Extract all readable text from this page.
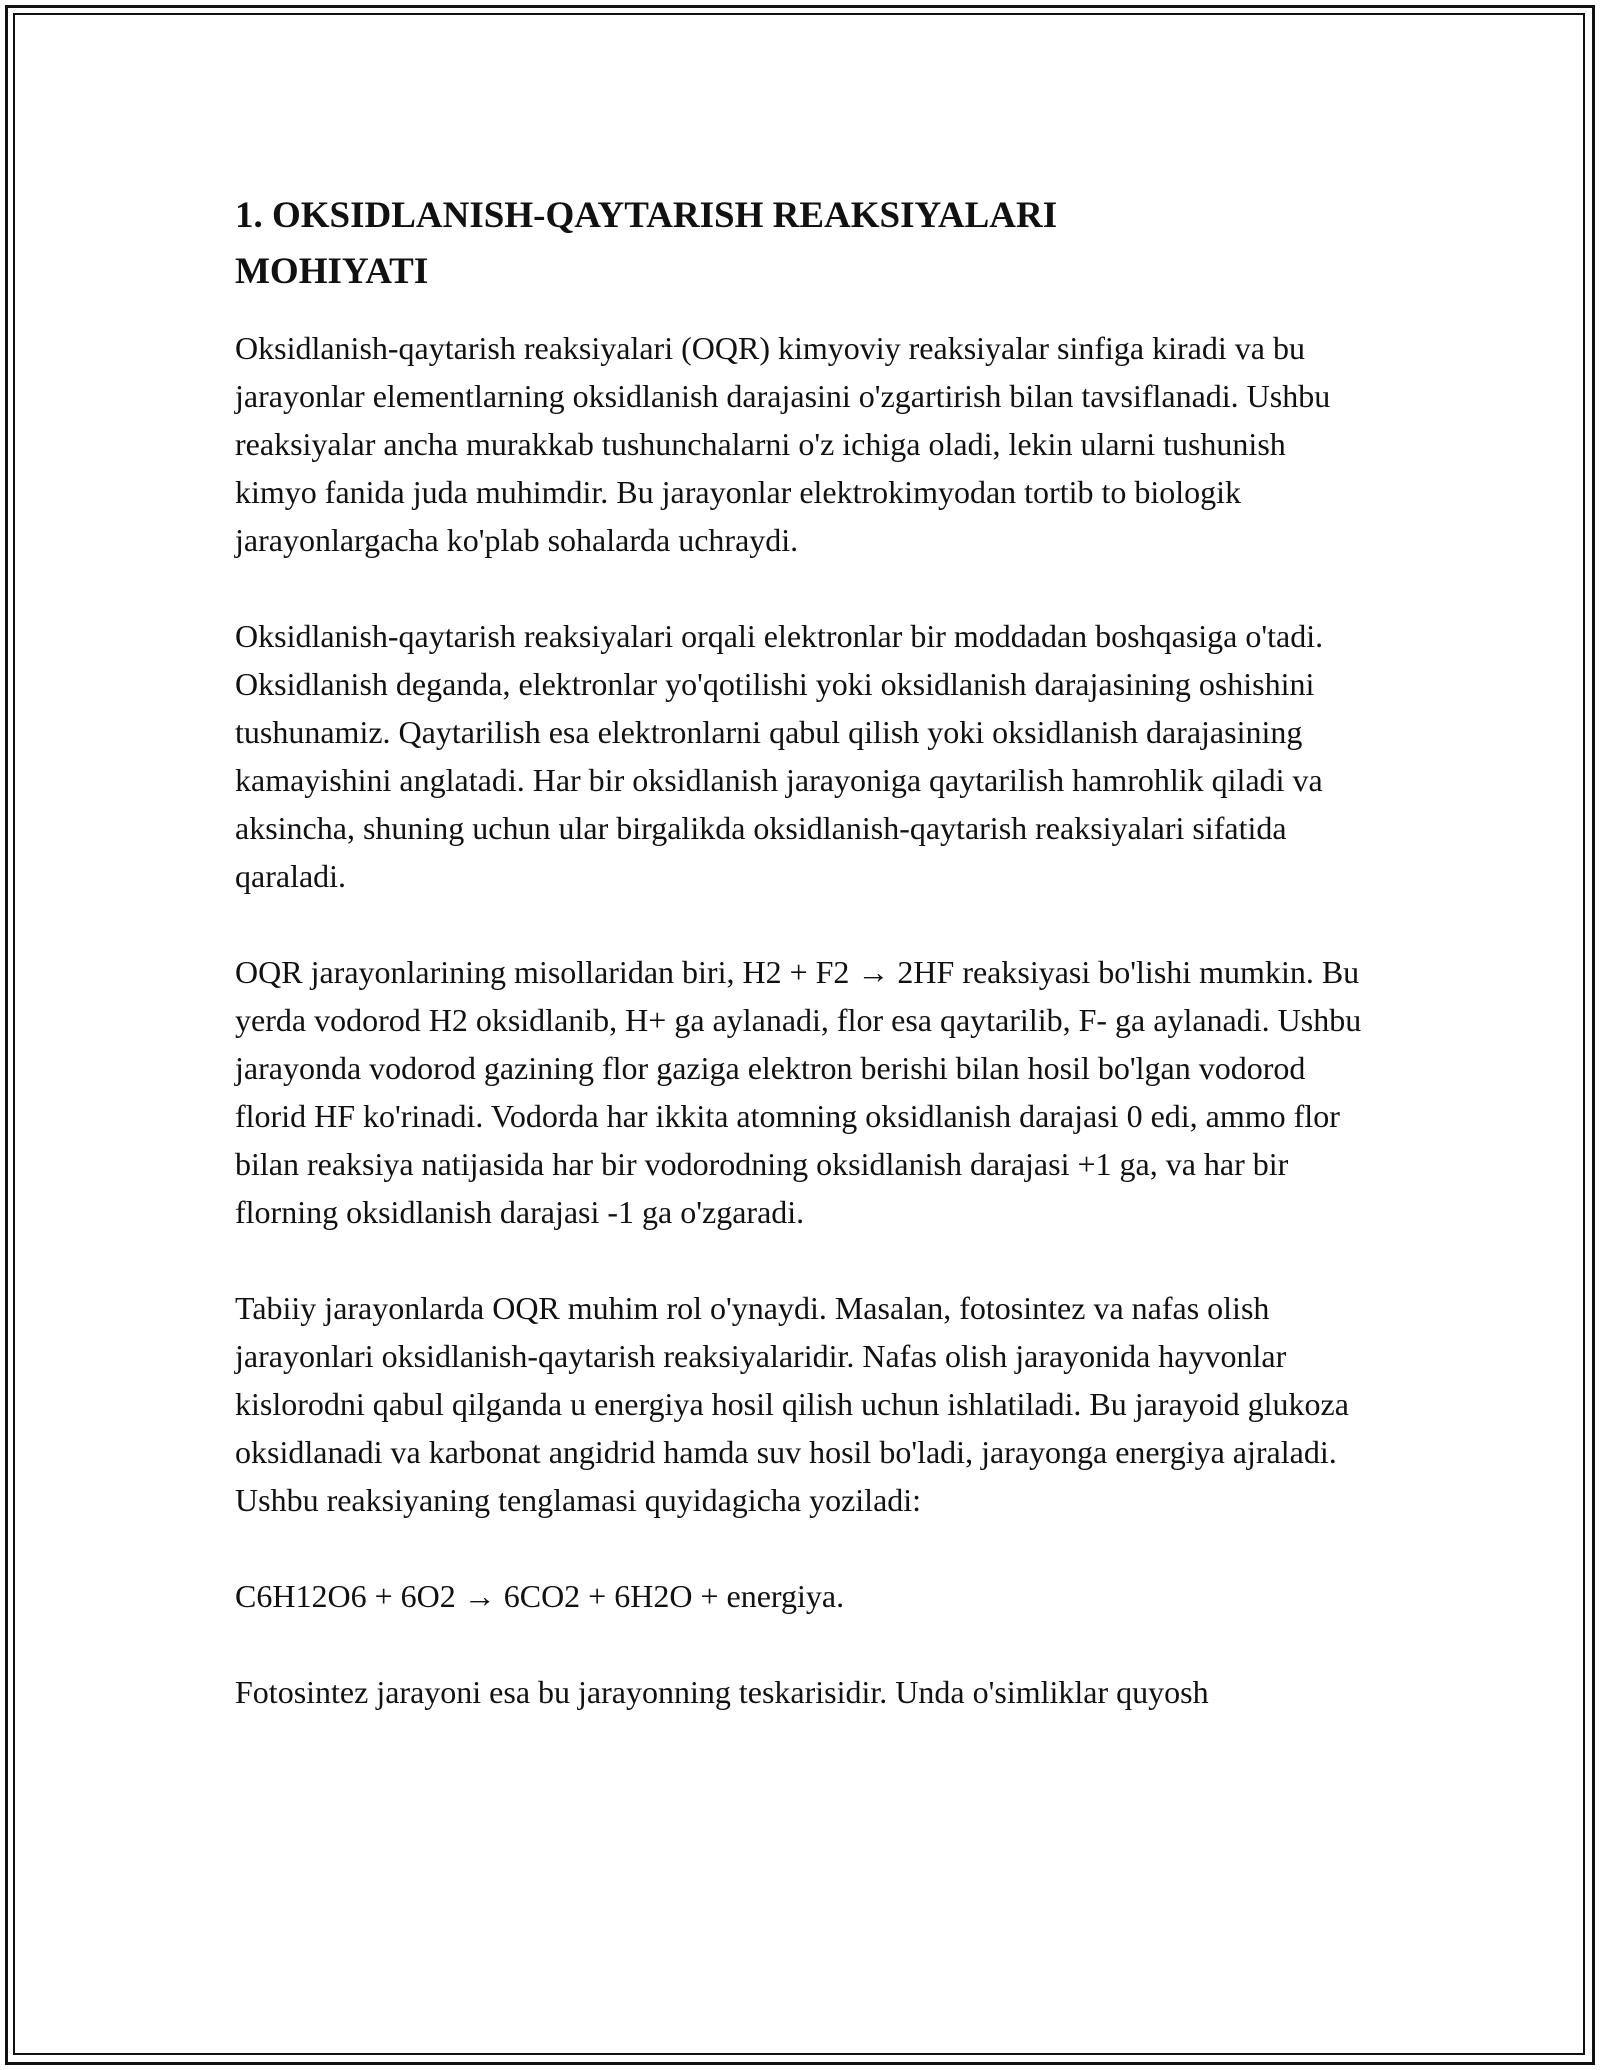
1. OKSIDLANISH-QAYTARISH REAKSIYALARI
MOHIYATI

Oksidlanish-qaytarish reaksiyalari (OQR) kimyoviy reaksiyalar sinfiga kiradi va bu jarayonlar elementlarning oksidlanish darajasini o'zgartirish bilan tavsiflanadi. Ushbu reaksiyalar ancha murakkab tushunchalarni o'z ichiga oladi, lekin ularni tushunish kimyo fanida juda muhimdir. Bu jarayonlar elektrokimyodan tortib to biologik jarayonlargacha ko'plab sohalarda uchraydi.

Oksidlanish-qaytarish reaksiyalari orqali elektronlar bir moddadan boshqasiga o'tadi. Oksidlanish deganda, elektronlar yo'qotilishi yoki oksidlanish darajasining oshishini tushunamiz. Qaytarilish esa elektronlarni qabul qilish yoki oksidlanish darajasining kamayishini anglatadi. Har bir oksidlanish jarayoniga qaytarilish hamrohlik qiladi va aksincha, shuning uchun ular birgalikda oksidlanish-qaytarish reaksiyalari sifatida qaraladi.

OQR jarayonlarining misollaridan biri, H2 + F2 → 2HF reaksiyasi bo'lishi mumkin. Bu yerda vodorod H2 oksidlanib, H+ ga aylanadi, flor esa qaytarilib, F- ga aylanadi. Ushbu jarayonda vodorod gazining flor gaziga elektron berishi bilan hosil bo'lgan vodorod florid HF ko'rinadi. Vodorda har ikkita atomning oksidlanish darajasi 0 edi, ammo flor bilan reaksiya natijasida har bir vodorodning oksidlanish darajasi +1 ga, va har bir florning oksidlanish darajasi -1 ga o'zgaradi.

Tabiiy jarayonlarda OQR muhim rol o'ynaydi. Masalan, fotosintez va nafas olish jarayonlari oksidlanish-qaytarish reaksiyalaridir. Nafas olish jarayonida hayvonlar kislorodni qabul qilganda u energiya hosil qilish uchun ishlatiladi. Bu jarayoid glukoza oksidlanadi va karbonat angidrid hamda suv hosil bo'ladi, jarayonga energiya ajraladi. Ushbu reaksiyaning tenglamasi quyidagicha yoziladi:

C6H12O6 + 6O2 → 6CO2 + 6H2O + energiya.

Fotosintez jarayoni esa bu jarayonning teskarisidir. Unda o'simliklar quyosh
